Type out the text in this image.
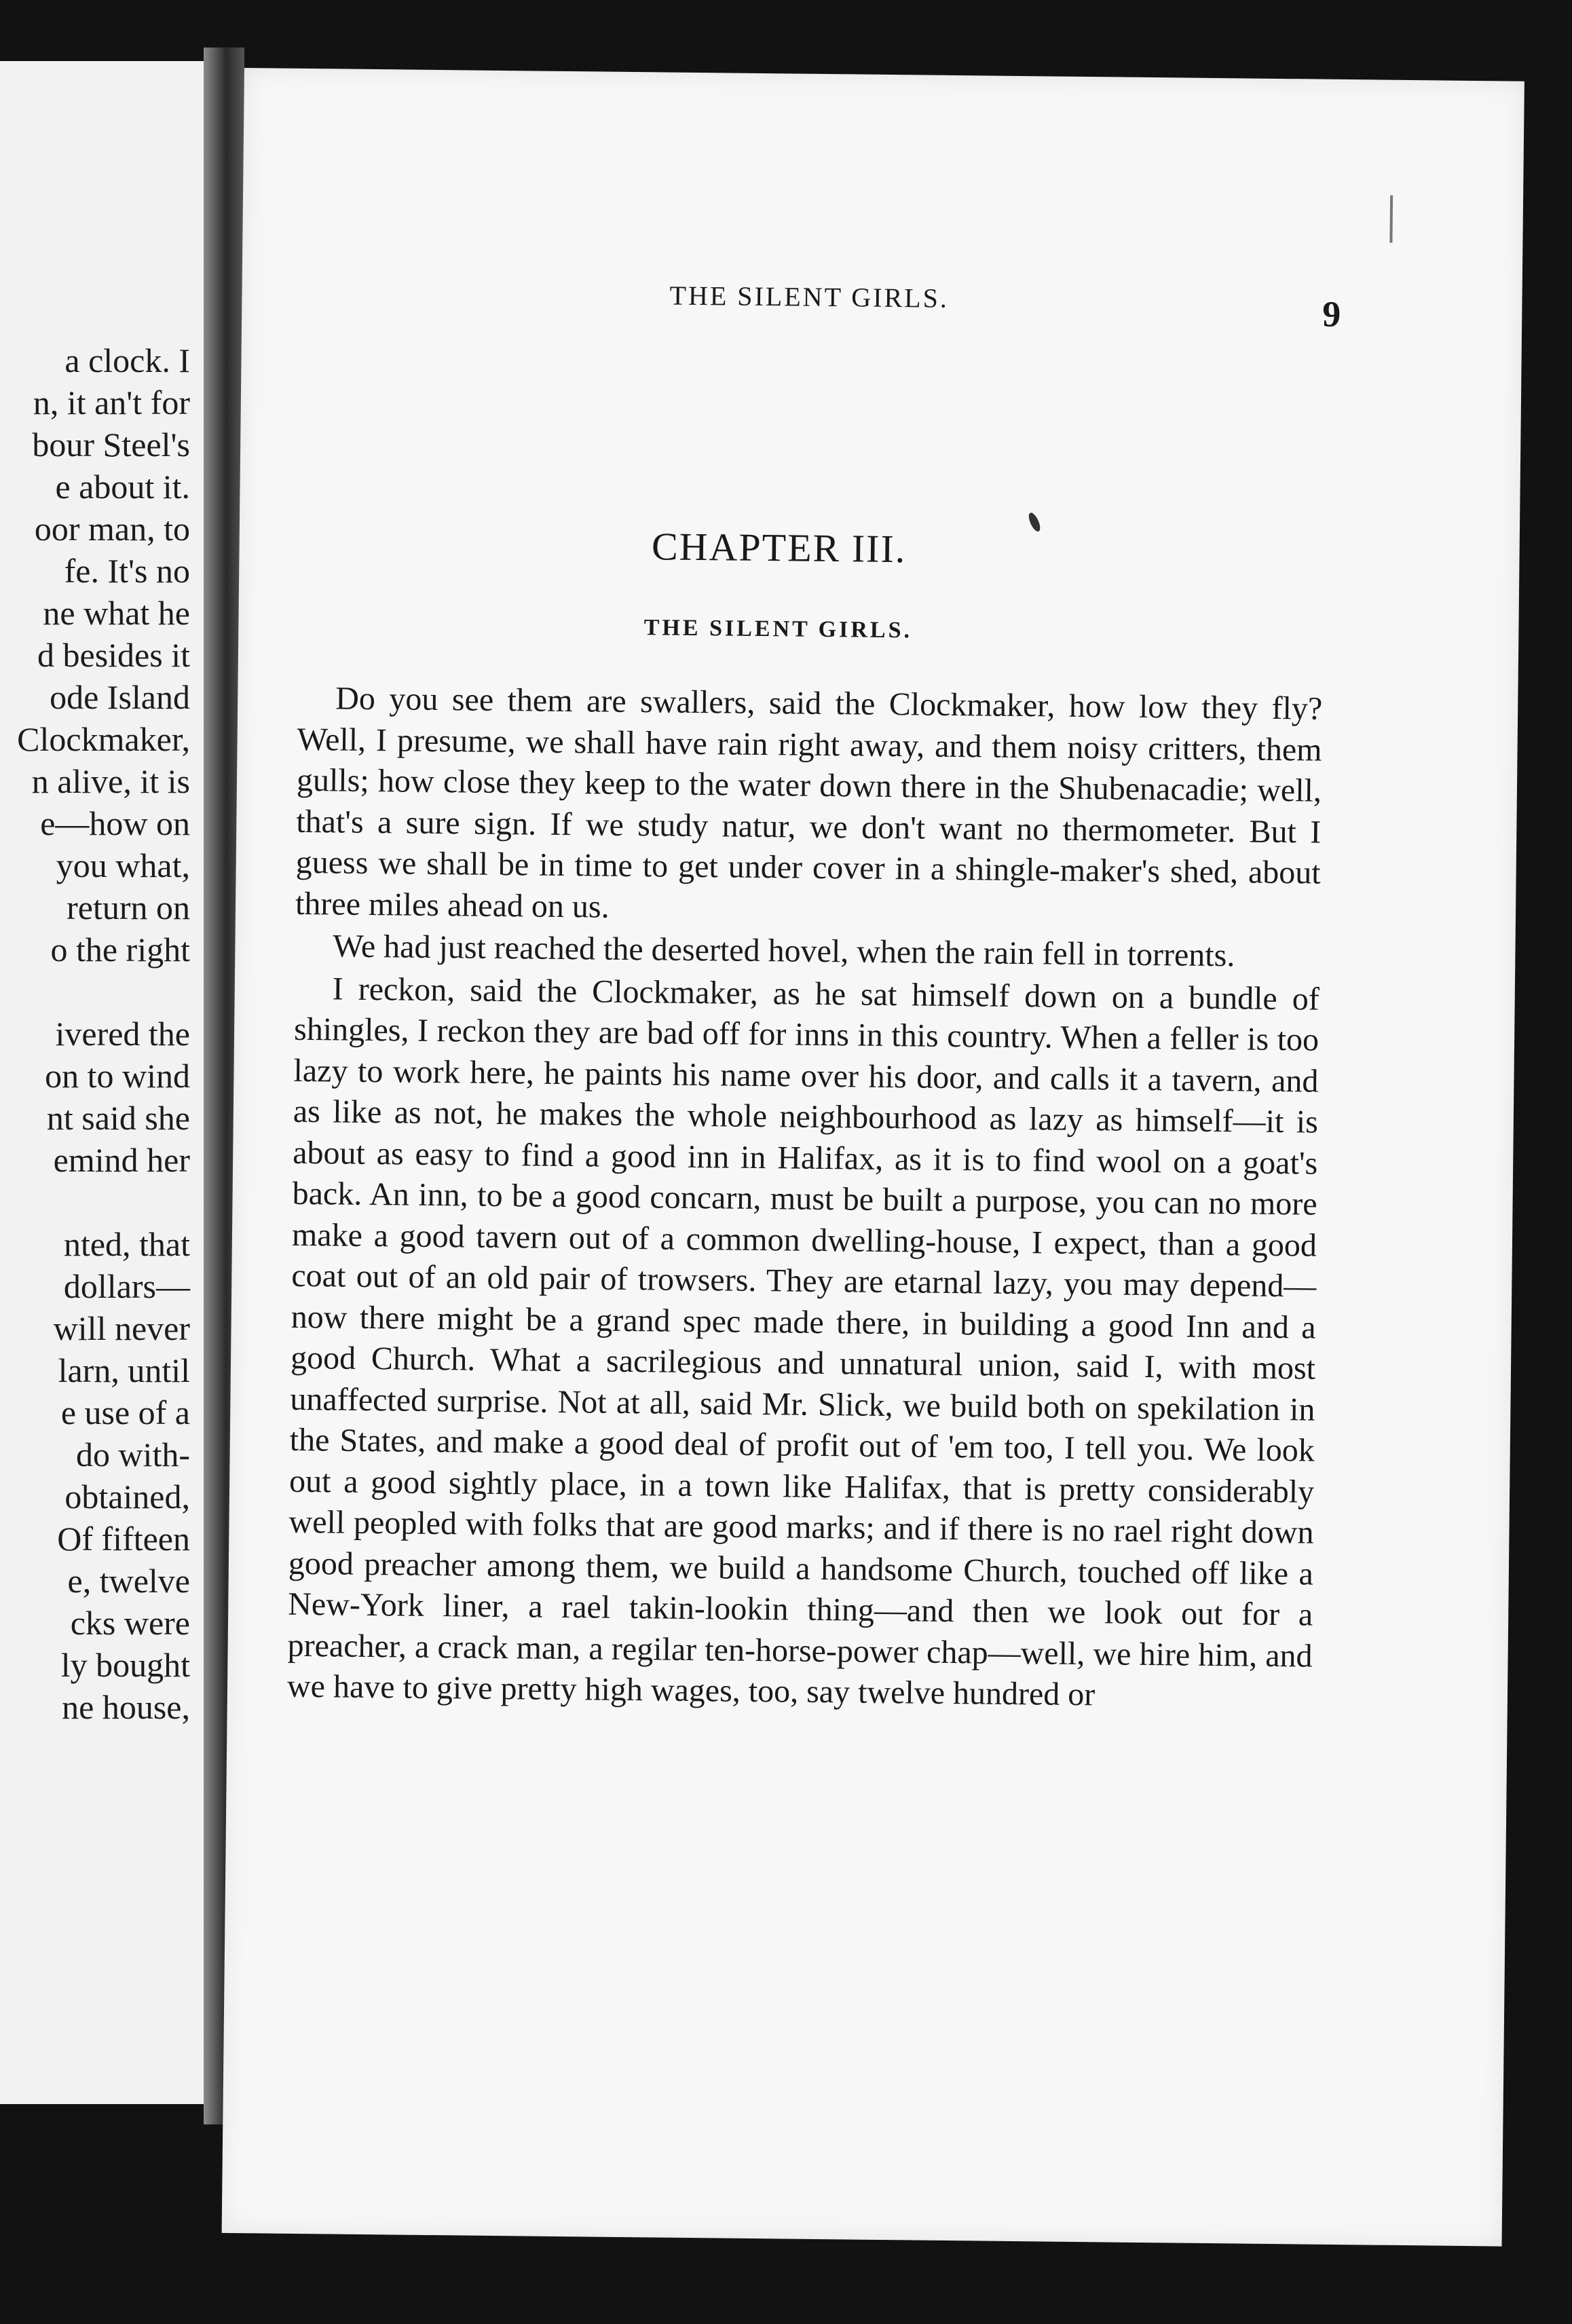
a clock. I
n, it an't for
bour Steel's
e about it.
oor man, to
fe. It's no
ne what he
d besides it
ode Island
Clockmaker,
n alive, it is
e—how on
you what,
return on
o the right
ivered the
on to wind
nt said she
emind her
nted, that
dollars—
will never
larn, until
e use of a
do with-
obtained,
Of fifteen
e, twelve
cks were
ly bought
ne house,
THE SILENT GIRLS.	9
CHAPTER III.
THE SILENT GIRLS.

Do you see them are swallers, said the Clockmaker, how low they fly? Well, I presume, we shall have rain right away, and them noisy critters, them gulls; how close they keep to the water down there in the Shubenacadie; well, that's a sure sign. If we study natur, we don't want no thermometer. But I guess we shall be in time to get under cover in a shingle-maker's shed, about three miles ahead on us.

We had just reached the deserted hovel, when the rain fell in torrents.

I reckon, said the Clockmaker, as he sat himself down on a bundle of shingles, I reckon they are bad off for inns in this country. When a feller is too lazy to work here, he paints his name over his door, and calls it a tavern, and as like as not, he makes the whole neighbourhood as lazy as himself—it is about as easy to find a good inn in Halifax, as it is to find wool on a goat's back. An inn, to be a good concarn, must be built a purpose, you can no more make a good tavern out of a common dwelling-house, I expect, than a good coat out of an old pair of trowsers. They are etarnal lazy, you may depend—now there might be a grand spec made there, in building a good Inn and a good Church. What a sacrilegious and unnatural union, said I, with most unaffected surprise. Not at all, said Mr. Slick, we build both on spekilation in the States, and make a good deal of profit out of 'em too, I tell you. We look out a good sightly place, in a town like Halifax, that is pretty considerably well peopled with folks that are good marks; and if there is no rael right down good preacher among them, we build a handsome Church, touched off like a New-York liner, a rael takin-lookin thing—and then we look out for a preacher, a crack man, a regilar ten-horse-power chap—well, we hire him, and we have to give pretty high wages, too, say twelve hundred or
